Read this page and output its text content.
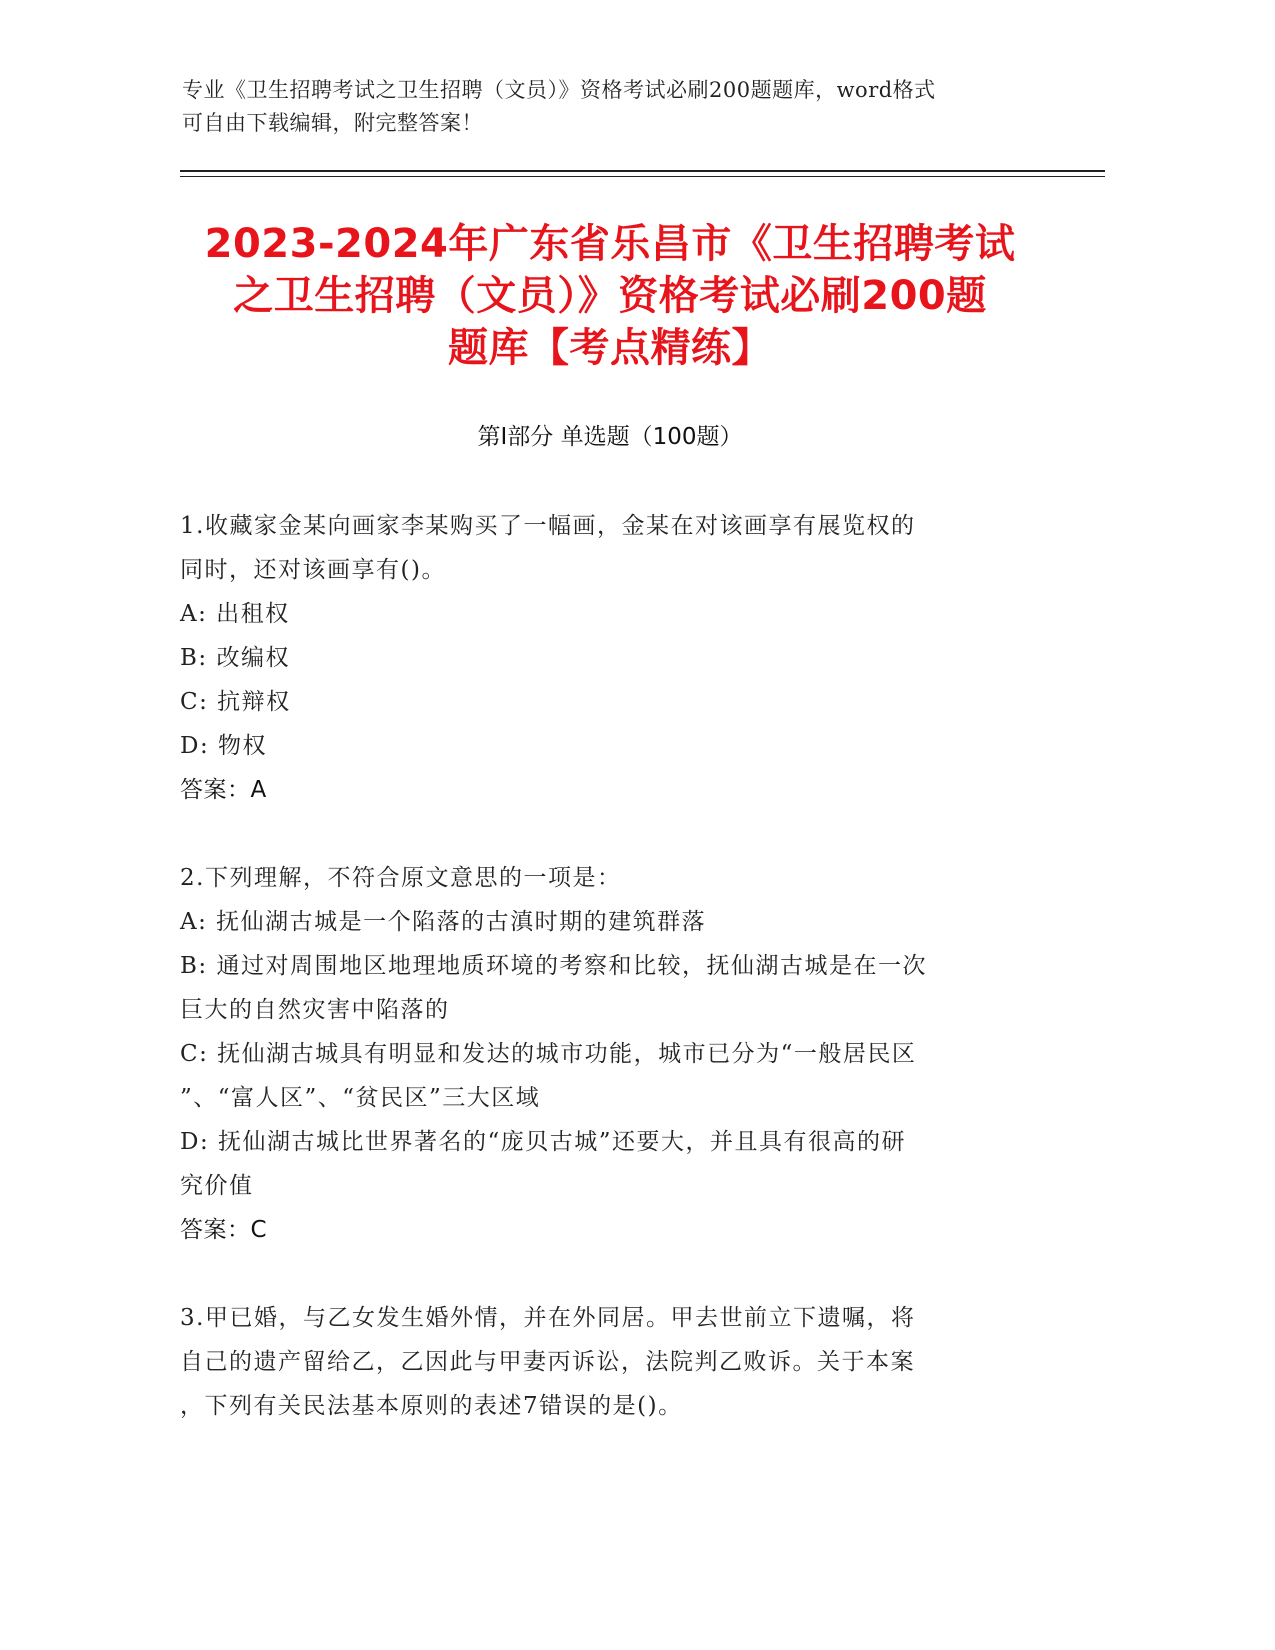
专业《卫生招聘考试之卫生招聘（文员）》资格考试必刷200题题库，word格式
可自由下载编辑，附完整答案！
2023-2024年广东省乐昌市《卫生招聘考试
之卫生招聘（文员）》资格考试必刷200题
题库【考点精练】
第Ⅰ部分 单选题（100题）

1.收藏家金某向画家李某购买了一幅画，金某在对该画享有展览权的

同时，还对该画享有()。

A: 出租权

B: 改编权

C: 抗辩权

D: 物权

答案：A

2.下列理解，不符合原文意思的一项是：

A: 抚仙湖古城是一个陷落的古滇时期的建筑群落

B: 通过对周围地区地理地质环境的考察和比较，抚仙湖古城是在一次

巨大的自然灾害中陷落的

C: 抚仙湖古城具有明显和发达的城市功能，城市已分为“一般居民区

”、“富人区”、“贫民区”三大区域

D: 抚仙湖古城比世界著名的“庞贝古城”还要大，并且具有很高的研

究价值

答案：C

3.甲已婚，与乙女发生婚外情，并在外同居。甲去世前立下遗嘱，将

自己的遗产留给乙，乙因此与甲妻丙诉讼，法院判乙败诉。关于本案

，下列有关民法基本原则的表述7错误的是()。
